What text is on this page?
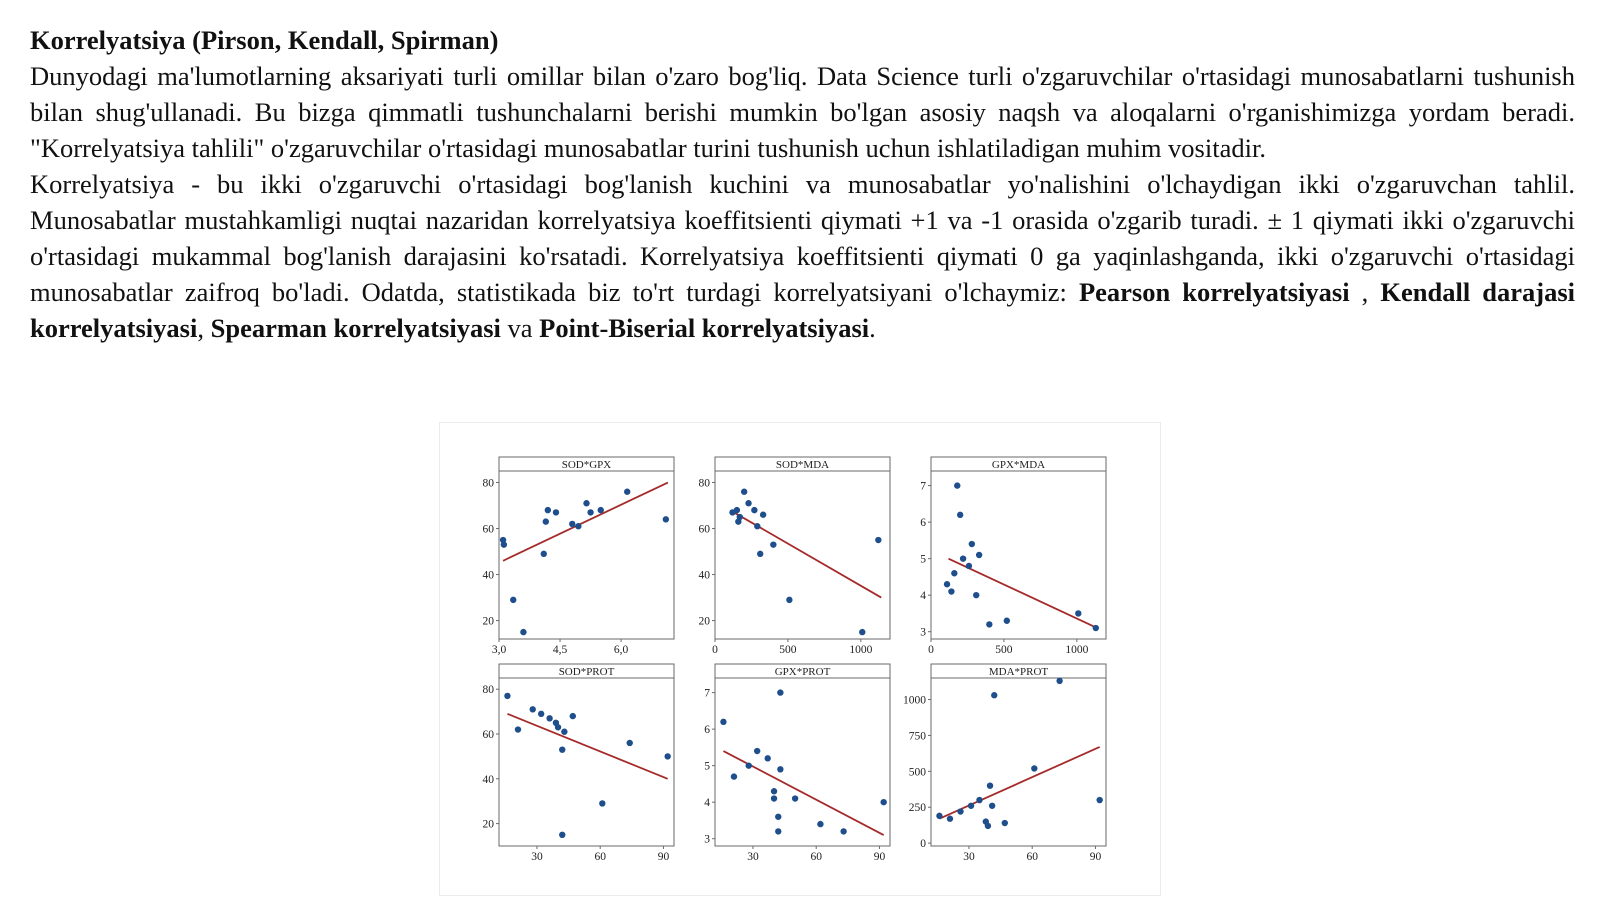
Korrelyatsiya (Pirson, Kendall, Spirman)

Dunyodagi ma'lumotlarning aksariyati turli omillar bilan o'zaro bog'liq. Data Science turli o'zgaruvchilar o'rtasidagi munosabatlarni tushunish bilan shug'ullanadi. Bu bizga qimmatli tushunchalarni berishi mumkin bo'lgan asosiy naqsh va aloqalarni o'rganishimizga yordam beradi. "Korrelyatsiya tahlili" o'zgaruvchilar o'rtasidagi munosabatlar turini tushunish uchun ishlatiladigan muhim vositadir.

Korrelyatsiya - bu ikki o'zgaruvchi o'rtasidagi bog'lanish kuchini va munosabatlar yo'nalishini o'lchaydigan ikki o'zgaruvchan tahlil. Munosabatlar mustahkamligi nuqtai nazaridan korrelyatsiya koeffitsienti qiymati +1 va -1 orasida o'zgarib turadi. ± 1 qiymati ikki o'zgaruvchi o'rtasidagi mukammal bog'lanish darajasini ko'rsatadi. Korrelyatsiya koeffitsienti qiymati 0 ga yaqinlashganda, ikki o'zgaruvchi o'rtasidagi munosabatlar zaifroq bo'ladi. Odatda, statistikada biz to'rt turdagi korrelyatsiyani o'lchaymiz: Pearson korrelyatsiyasi , Kendall darajasi korrelyatsiyasi, Spearman korrelyatsiyasi va Point-Biserial korrelyatsiyasi.

SOD*GPX
20
40
60
80
3,0	4,5	6,0
SOD*MDA
20
40
60
80
0	500	1000
GPX*MDA
3
4
5
6
7
0	500	1000
SOD*PROT
20
40
60
80
30	60	90
GPX*PROT
3
4
5
6
7
30	60	90
MDA*PROT
0
250
500
750
1000
30	60	90
